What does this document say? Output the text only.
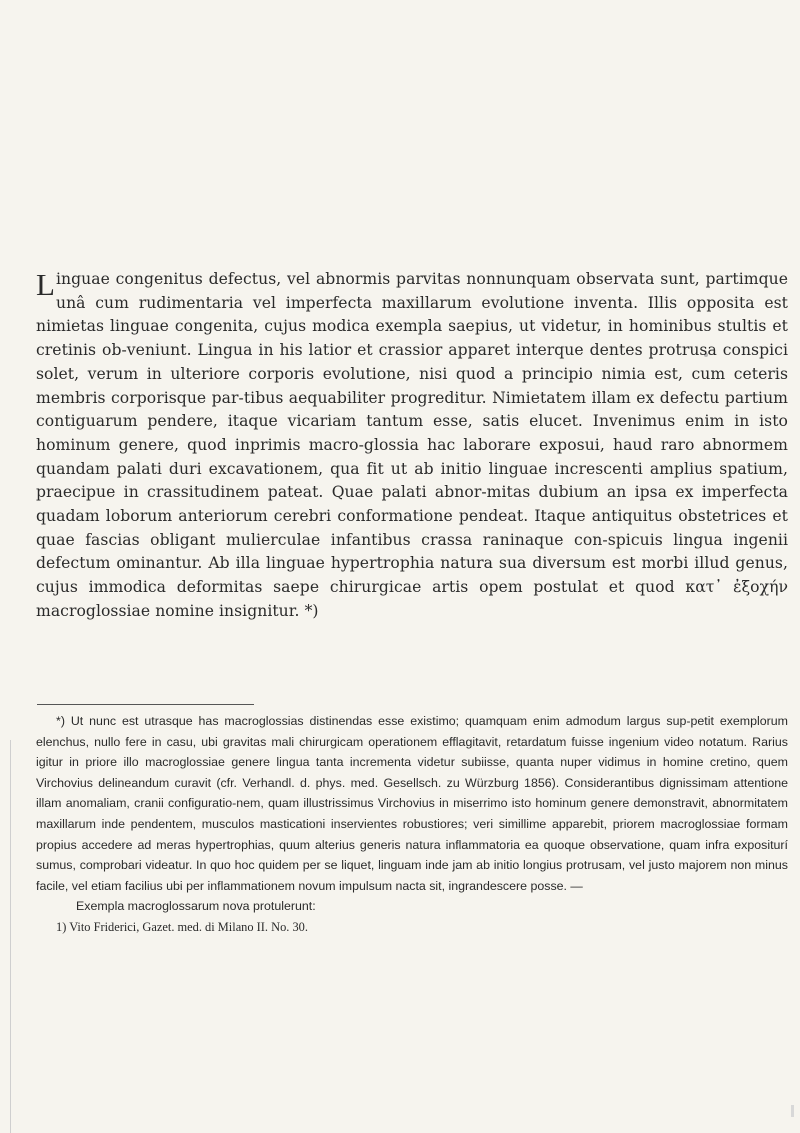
Linguae congenitus defectus, vel abnormis parvitas nonnunquam observata sunt, partimque unâ cum rudimentaria vel imperfecta maxillarum evolutione inventa. Illis opposita est nimietas linguae congenita, cujus modica exempla saepius, ut videtur, in hominibus stultis et cretinis ob-veniunt. Lingua in his latior et crassior apparet interque dentes protrusa conspici solet, verum in ulteriore corporis evolutione, nisi quod a principio nimia est, cum ceteris membris corporisque par-tibus aequabiliter progreditur. Nimietatem illam ex defectu partium contiguarum pendere, itaque vicariam tantum esse, satis elucet. Invenimus enim in isto hominum genere, quod inprimis macro-glossia hac laborare exposui, haud raro abnormem quandam palati duri excavationem, qua fit ut ab initio linguae increscenti amplius spatium, praecipue in crassitudinem pateat. Quae palati abnor-mitas dubium an ipsa ex imperfecta quadam loborum anteriorum cerebri conformatione pendeat. Itaque antiquitus obstetrices et quae fascias obligant mulierculae infantibus crassa raninaque con-spicuis lingua ingenii defectum ominantur. Ab illa linguae hypertrophia natura sua diversum est morbi illud genus, cujus immodica deformitas saepe chirurgicae artis opem postulat et quod κατ᾽ ἐξοχήν macroglossiae nomine insignitur. *)

*) Ut nunc est utrasque has macroglossias distinendas esse existimo; quamquam enim admodum largus sup-petit exemplorum elenchus, nullo fere in casu, ubi gravitas mali chirurgicam operationem efflagitavit, retardatum fuisse ingenium video notatum. Rarius igitur in priore illo macroglossiae genere lingua tanta incrementa videtur subiisse, quanta nuper vidimus in homine cretino, quem Virchovius delineandum curavit (cfr. Verhandl. d. phys. med. Gesellsch. zu Würzburg 1856). Considerantibus dignissimam attentione illam anomaliam, cranii configuratio-nem, quam illustrissimus Virchovius in miserrimo isto hominum genere demonstravit, abnormitatem maxillarum inde pendentem, musculos masticationi inservientes robustiores; veri simillime apparebit, priorem macroglossiae formam propius accedere ad meras hypertrophias, quum alterius generis natura inflammatoria ea quoque observatione, quam infra expositurí sumus, comprobari videatur. In quo hoc quidem per se liquet, linguam inde jam ab initio longius protrusam, vel justo majorem non minus facile, vel etiam facilius ubi per inflammationem novum impulsum nacta sit, ingrandescere posse. —

Exempla macroglossarum nova protulerunt:

1) Vito Friderici, Gazet. med. di Milano II. No. 30.
